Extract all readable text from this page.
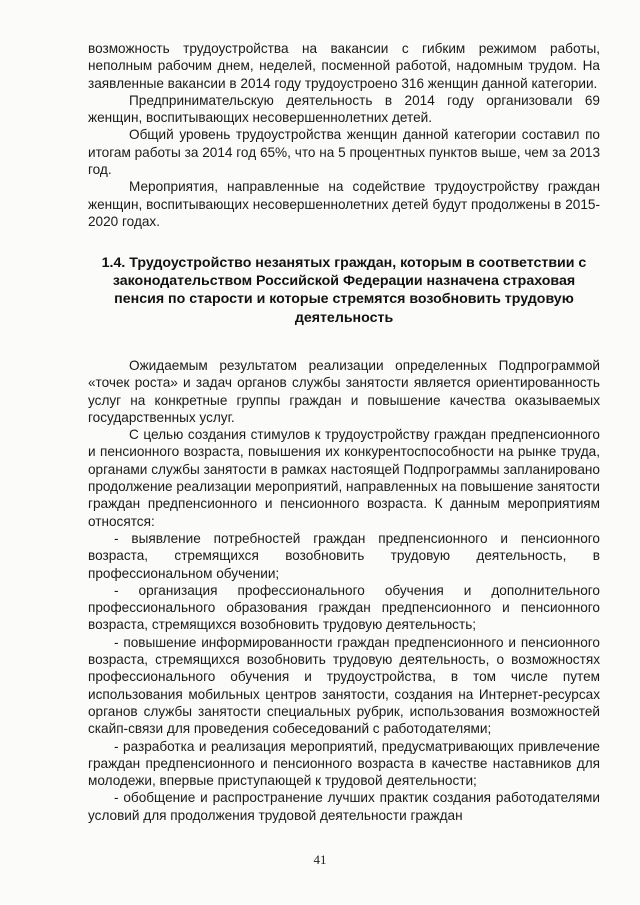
возможность трудоустройства на вакансии с гибким режимом работы, неполным рабочим днем, неделей, посменной работой, надомным трудом. На заявленные вакансии в 2014 году трудоустроено 316 женщин данной категории.

Предпринимательскую деятельность в 2014 году организовали 69 женщин, воспитывающих несовершеннолетних детей.

Общий уровень трудоустройства женщин данной категории составил по итогам работы за 2014 год 65%, что на 5 процентных пунктов выше, чем за 2013 год.

Мероприятия, направленные на содействие трудоустройству граждан женщин, воспитывающих несовершеннолетних детей будут продолжены в 2015-2020 годах.

1.4. Трудоустройство незанятых граждан, которым в соответствии с законодательством Российской Федерации назначена страховая пенсия по старости и которые стремятся возобновить трудовую деятельность

Ожидаемым результатом реализации определенных Подпрограммой «точек роста» и задач органов службы занятости является ориентированность услуг на конкретные группы граждан и повышение качества оказываемых государственных услуг.

С целью создания стимулов к трудоустройству граждан предпенсионного и пенсионного возраста, повышения их конкурентоспособности на рынке труда, органами службы занятости в рамках настоящей Подпрограммы запланировано продолжение реализации мероприятий, направленных на повышение занятости граждан предпенсионного и пенсионного возраста. К данным мероприятиям относятся:

- выявление потребностей граждан предпенсионного и пенсионного возраста, стремящихся возобновить трудовую деятельность, в профессиональном обучении;

- организация профессионального обучения и дополнительного профессионального образования граждан предпенсионного и пенсионного возраста, стремящихся возобновить трудовую деятельность;

- повышение информированности граждан предпенсионного и пенсионного возраста, стремящихся возобновить трудовую деятельность, о возможностях профессионального обучения и трудоустройства, в том числе путем использования мобильных центров занятости, создания на Интернет-ресурсах органов службы занятости специальных рубрик, использования возможностей скайп-связи для проведения собеседований с работодателями;

- разработка и реализация мероприятий, предусматривающих привлечение граждан предпенсионного и пенсионного возраста в качестве наставников для молодежи, впервые приступающей к трудовой деятельности;

- обобщение и распространение лучших практик создания работодателями условий для продолжения трудовой деятельности граждан

41
